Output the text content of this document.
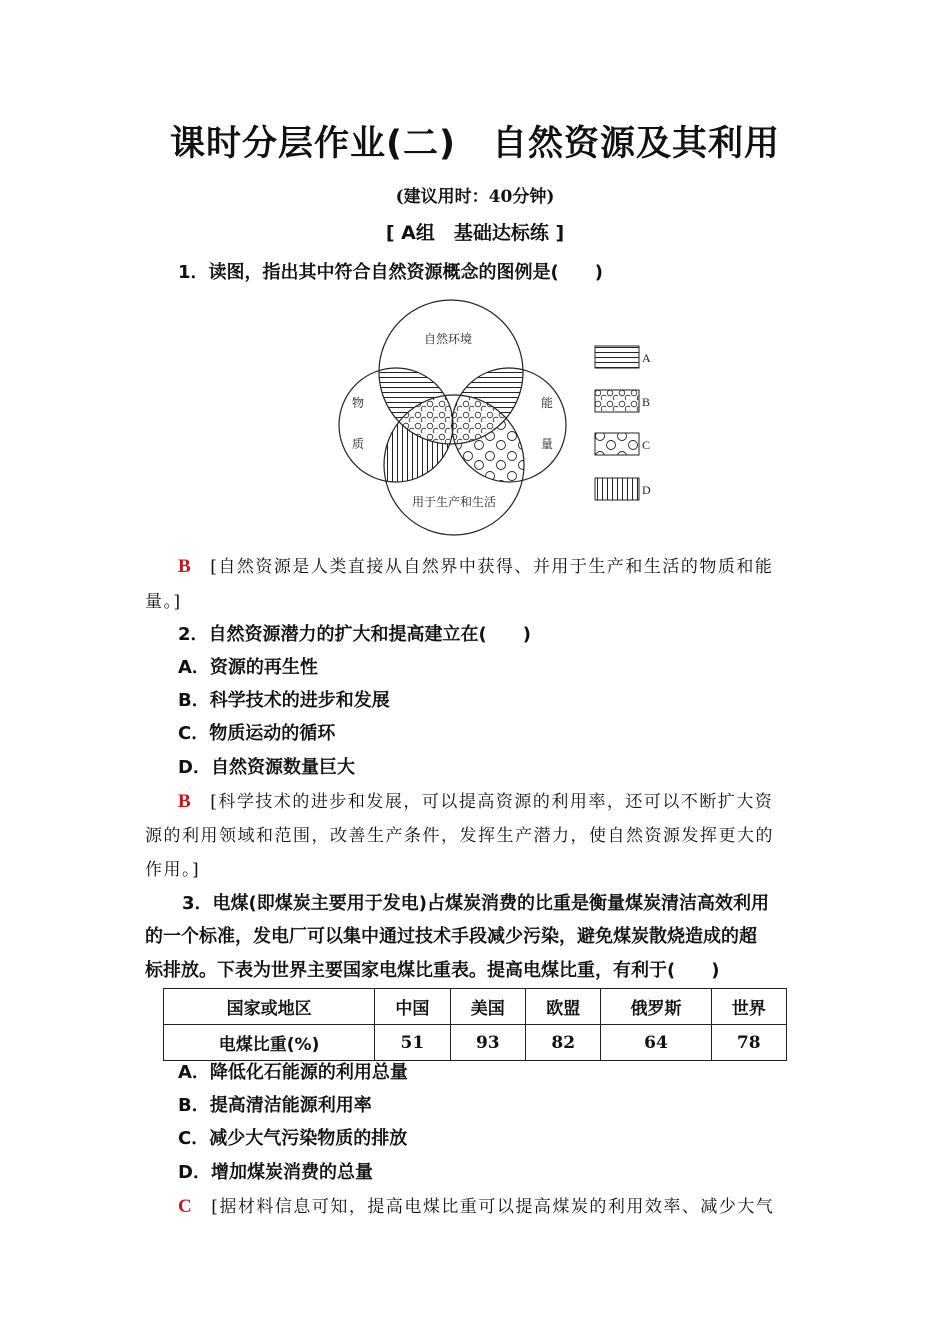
课时分层作业(二)　自然资源及其利用
(建议用时：40分钟)
[ A组　基础达标练 ]
1．读图，指出其中符合自然资源概念的图例是(　　)
自然环境
物
质
能
量
用于生产和生活
A
B
C
D
B [自然资源是人类直接从自然界中获得、并用于生产和生活的物质和能
量。]
2．自然资源潜力的扩大和提高建立在(　　)
A．资源的再生性
B．科学技术的进步和发展
C．物质运动的循环
D．自然资源数量巨大
B [科学技术的进步和发展，可以提高资源的利用率，还可以不断扩大资
源的利用领域和范围，改善生产条件，发挥生产潜力，使自然资源发挥更大的
作用。]
3．电煤(即煤炭主要用于发电)占煤炭消费的比重是衡量煤炭清洁高效利用
的一个标准，发电厂可以集中通过技术手段减少污染，避免煤炭散烧造成的超
标排放。下表为世界主要国家电煤比重表。提高电煤比重，有利于(　　)
国家或地区	中国	美国	欧盟	俄罗斯	世界
电煤比重(%)	51	93	82	64	78
A．降低化石能源的利用总量
B．提高清洁能源利用率
C．减少大气污染物质的排放
D．增加煤炭消费的总量
C [据材料信息可知，提高电煤比重可以提高煤炭的利用效率、减少大气
